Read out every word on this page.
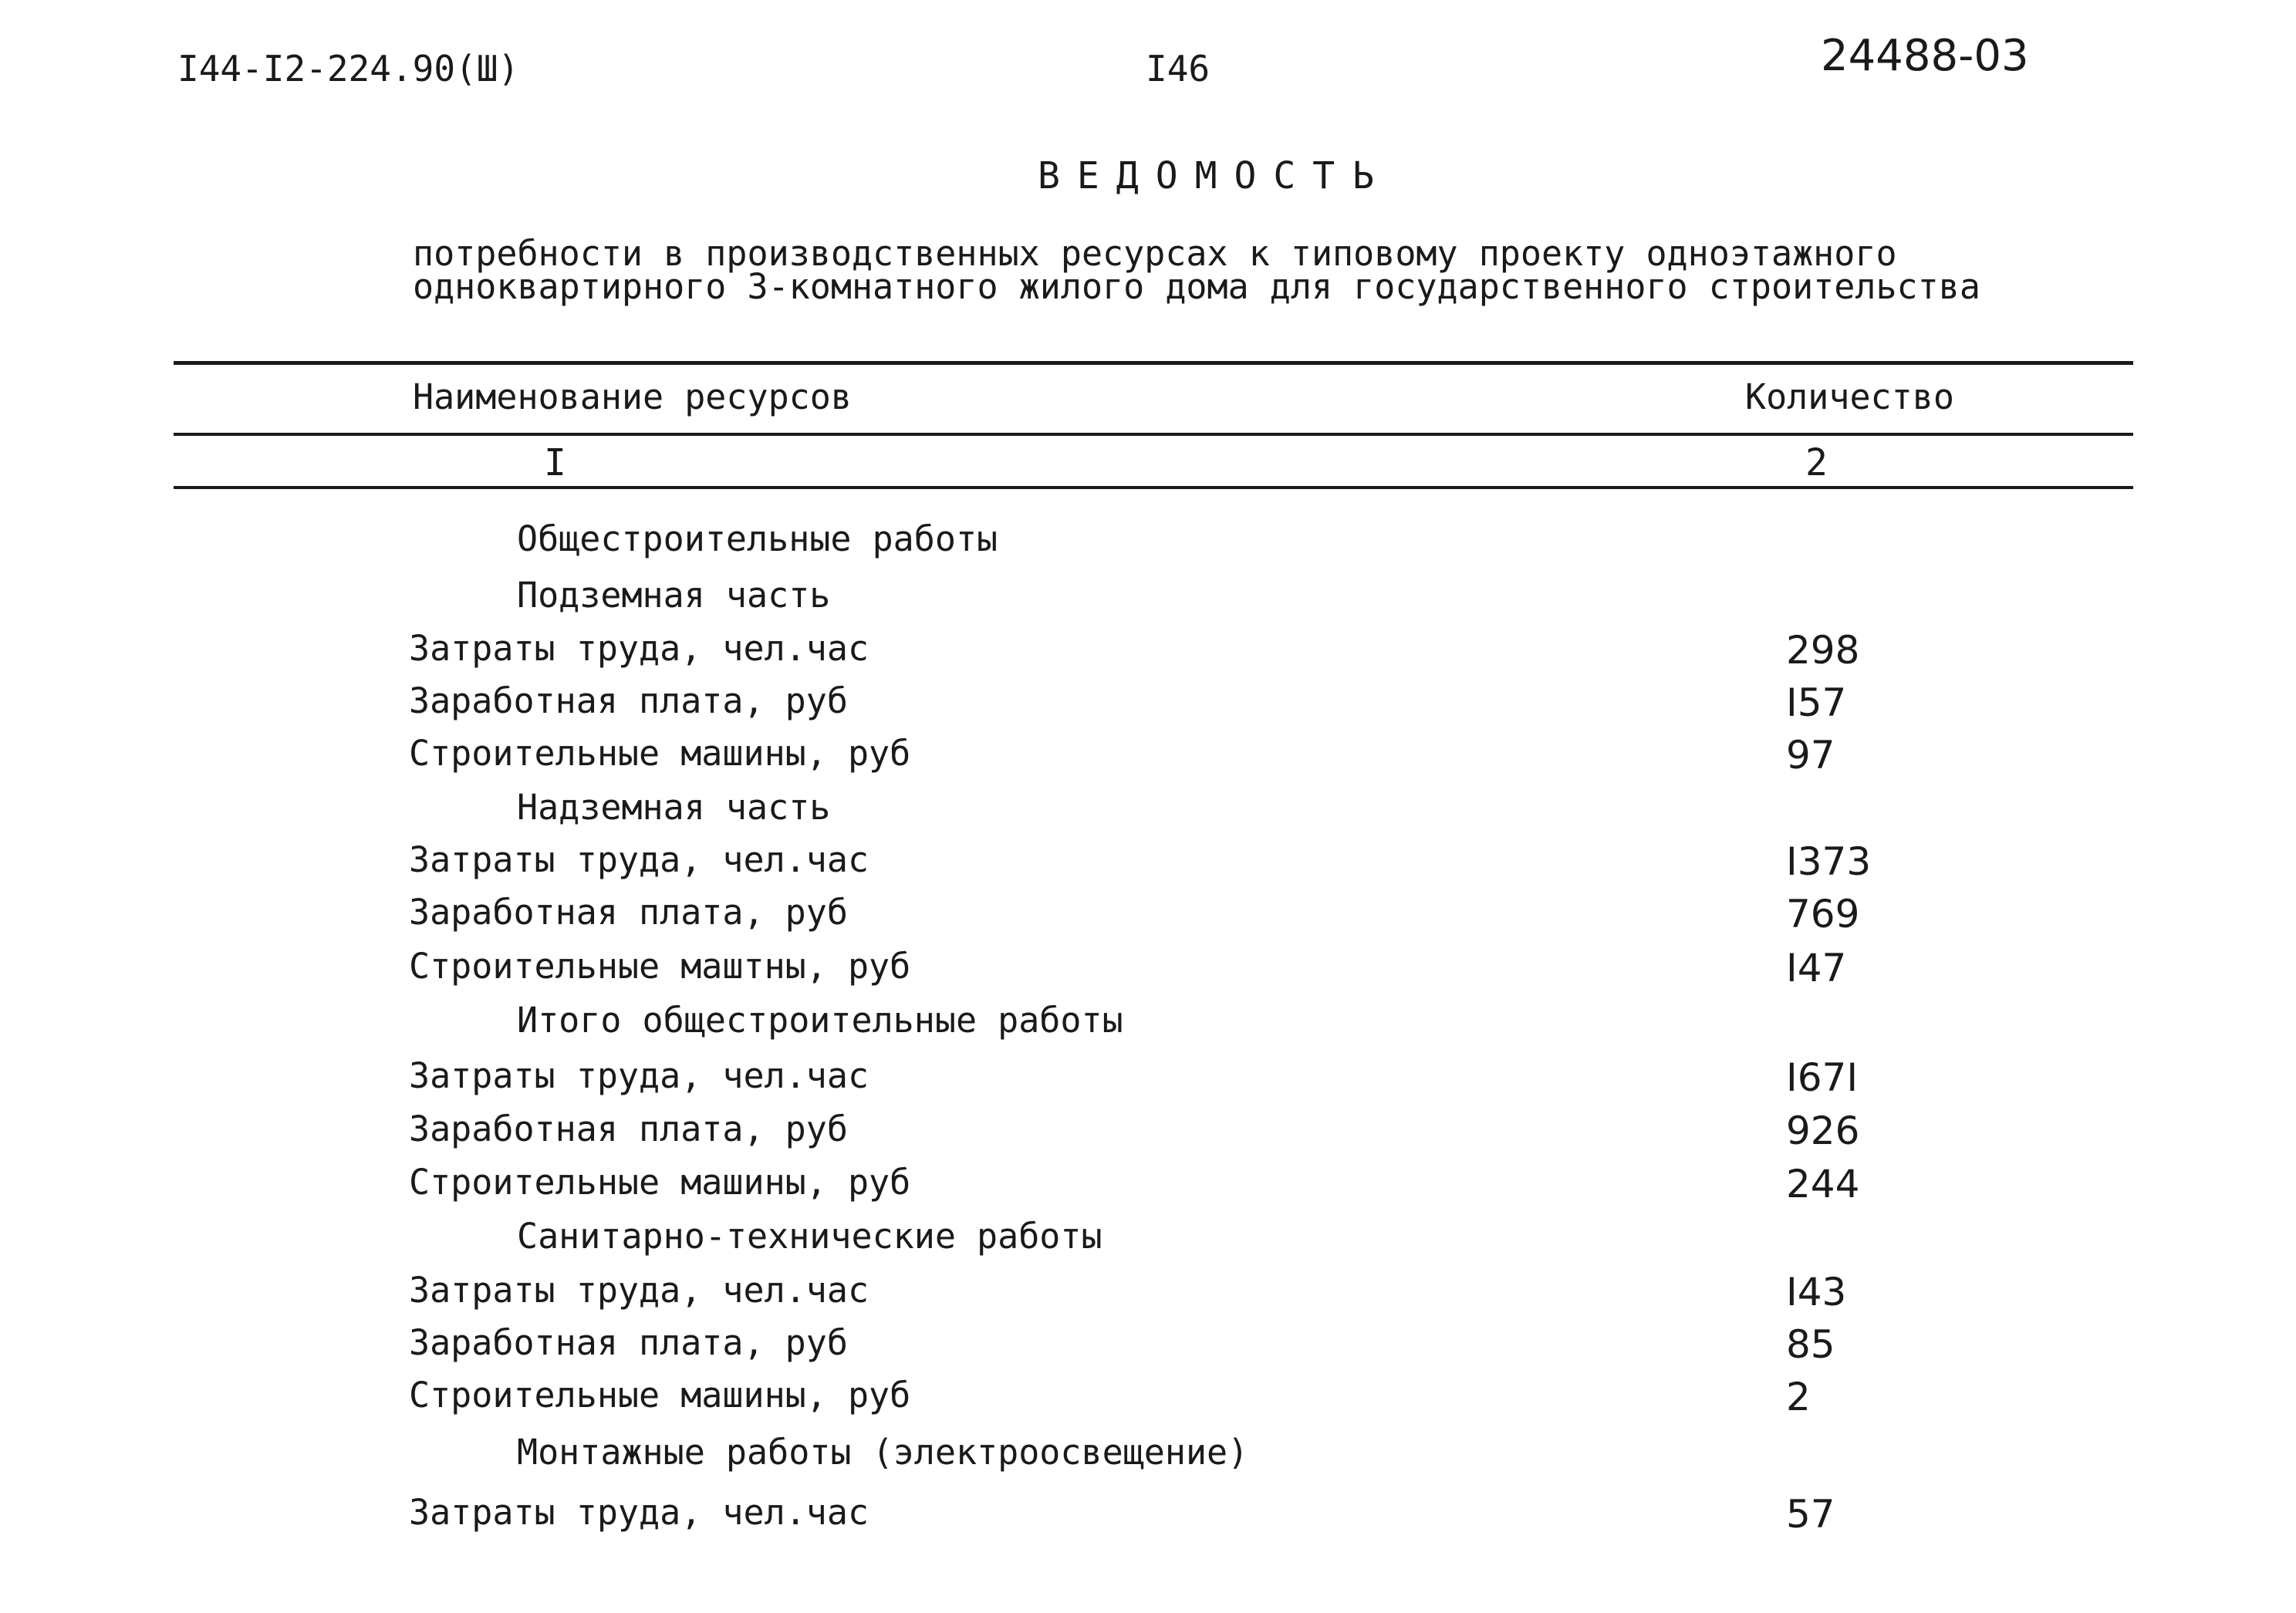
I44-I2-224.90(Ш)	I46	24488-03
ВЕДОМОСТЬ
потребности в производственных ресурсах к типовому проекту одноэтажного
одноквартирного 3-комнатного жилого дома для государственного строительства
Наименование ресурсов	Количество
I	2
Общестроительные работы
Подземная часть
Затраты труда, чел.час	298
Заработная плата, руб	I57
Строительные машины, руб	97
Надземная часть
Затраты труда, чел.час	I373
Заработная плата, руб	769
Строительные маштны, руб	I47
Итого общестроительные работы
Затраты труда, чел.час	I67I
Заработная плата, руб	926
Строительные машины, руб	244
Санитарно-технические работы
Затраты труда, чел.час	I43
Заработная плата, руб	85
Строительные машины, руб	2
Монтажные работы (электроосвещение)
Затраты труда, чел.час	57
